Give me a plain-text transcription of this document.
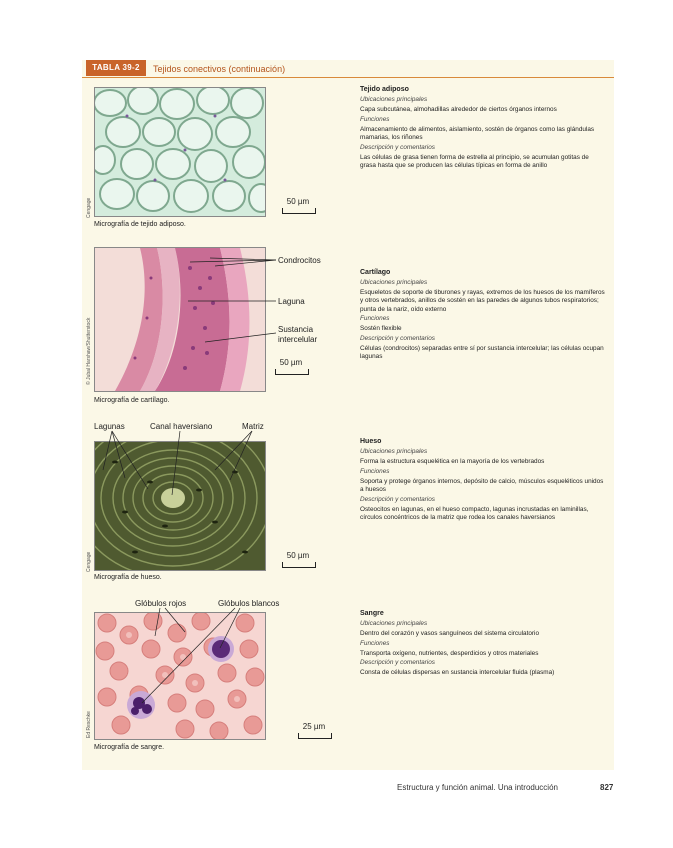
TABLA 39-2	Tejidos conectivos (continuación)
Cengage	50 µm
Micrografía de tejido adiposo.
Tejido adiposo

Ubicaciones principales

Capa subcutánea, almohadillas alrededor de ciertos órganos internos

Funciones

Almacenamiento de alimentos, aislamiento, sostén de órganos como las glándulas mamarias, los riñones

Descripción y comentarios

Las células de grasa tienen forma de estrella al principio, se acumulan gotitas de grasa hasta que se producen las células típicas en forma de anillo

© Jubal Harshaw/Shutterstock
Condrocitos
Laguna
Sustancia
intercelular
50 µm
Micrografía de cartílago.
Cartílago

Ubicaciones principales

Esqueletos de soporte de tiburones y rayas, extremos de los huesos de los mamíferos y otros vertebrados, anillos de sostén en las paredes de algunos tubos respiratorios; punta de la nariz, oído externo

Funciones

Sostén flexible

Descripción y comentarios

Células (condrocitos) separadas entre sí por sustancia intercelular; las células ocupan lagunas

Lagunas	Canal haversiano	Matriz
Cengage	50 µm
Micrografía de hueso.
Hueso

Ubicaciones principales

Forma la estructura esquelética en la mayoría de los vertebrados

Funciones

Soporta y protege órganos internos, depósito de calcio, músculos esqueléticos unidos a huesos

Descripción y comentarios

Osteocitos en lagunas, en el hueso compacto, lagunas incrustadas en laminillas, círculos concéntricos de la matriz que rodea los canales haversianos

Glóbulos rojos	Glóbulos blancos
Ed Reschke	25 µm
Micrografía de sangre.
Sangre

Ubicaciones principales

Dentro del corazón y vasos sanguíneos del sistema circulatorio

Funciones

Transporta oxígeno, nutrientes, desperdicios y otros materiales

Descripción y comentarios

Consta de células dispersas en sustancia intercelular fluida (plasma)

Estructura y función animal. Una introducción	827
